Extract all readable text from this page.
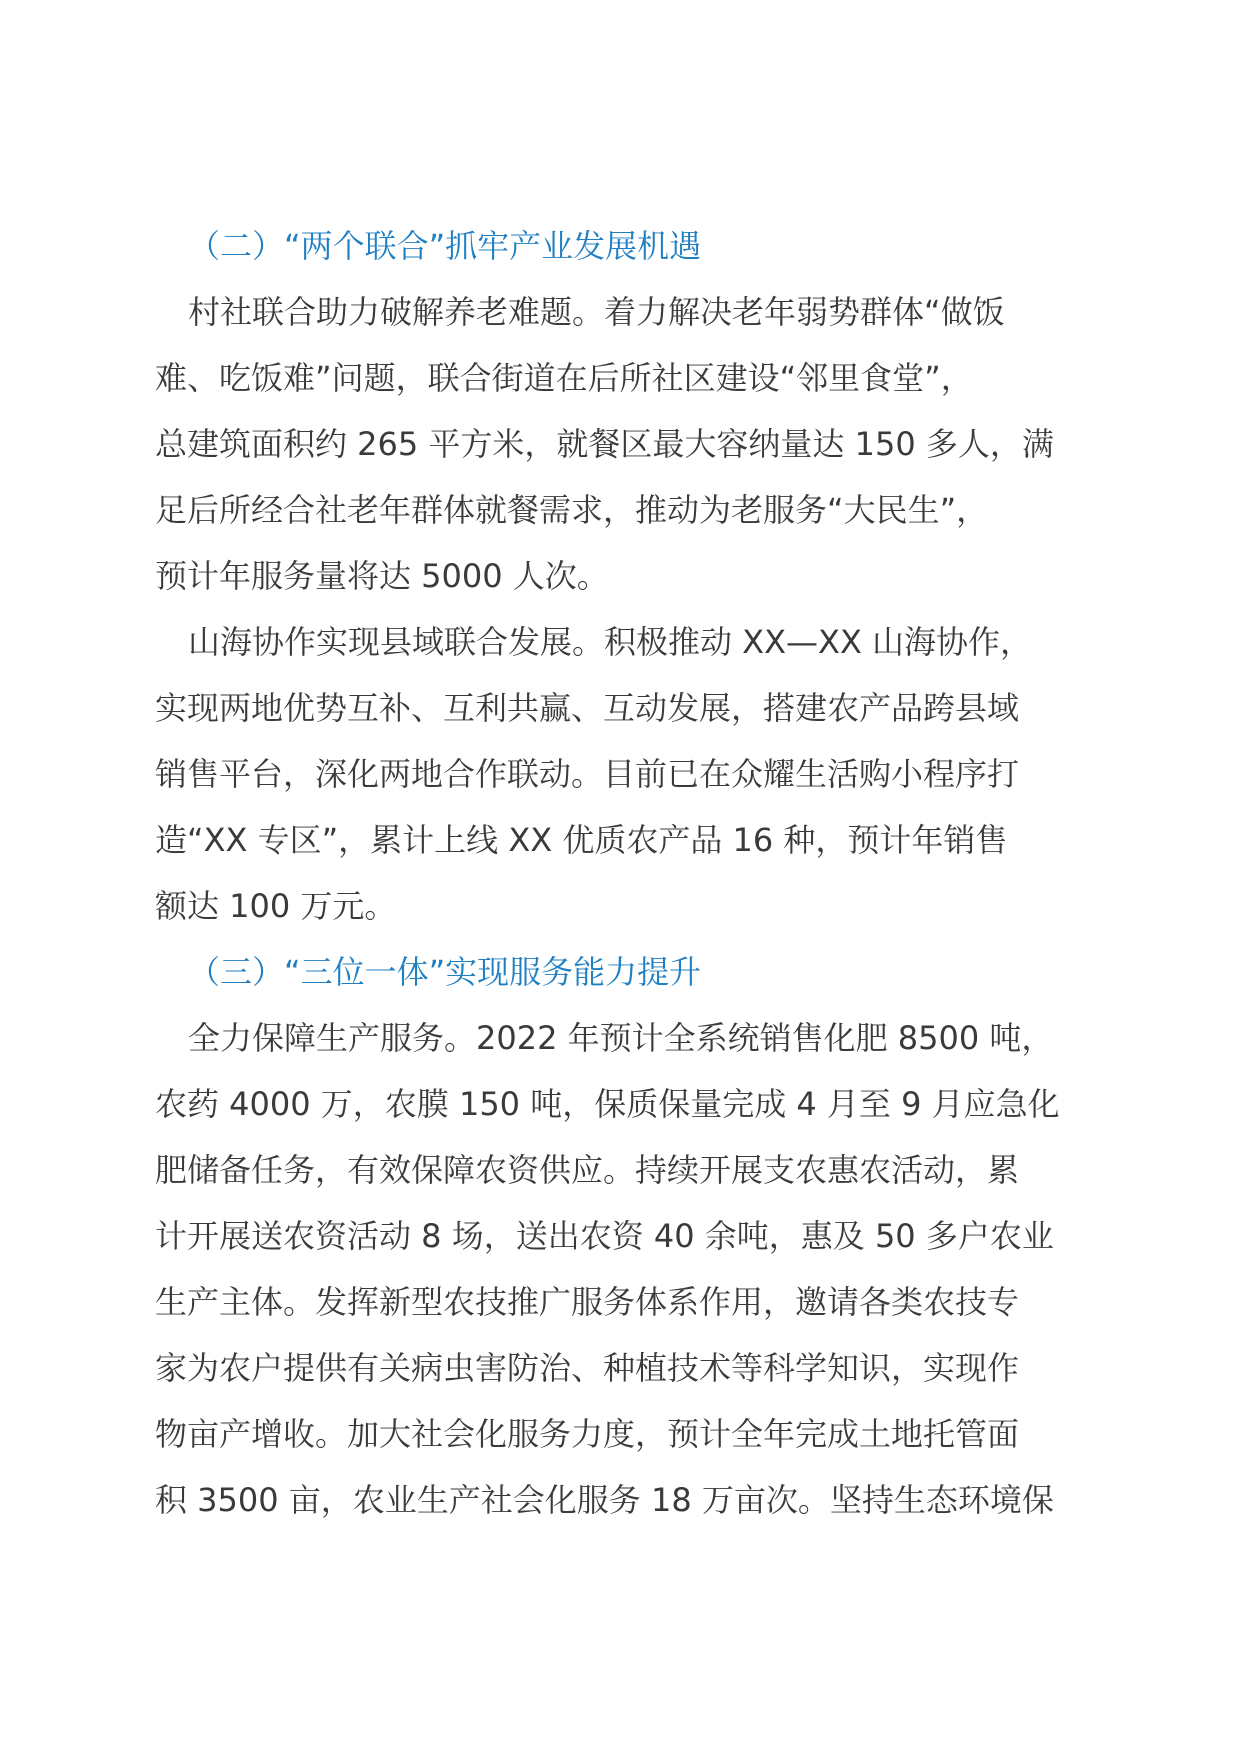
（二）“两个联合”抓牢产业发展机遇
村社联合助力破解养老难题。着力解决老年弱势群体“做饭
难、吃饭难”问题，联合街道在后所社区建设“邻里食堂”，
总建筑面积约 265 平方米，就餐区最大容纳量达 150 多人，满
足后所经合社老年群体就餐需求，推动为老服务“大民生”，
预计年服务量将达 5000 人次。
山海协作实现县域联合发展。积极推动 XX—XX 山海协作，
实现两地优势互补、互利共赢、互动发展，搭建农产品跨县域
销售平台，深化两地合作联动。目前已在众耀生活购小程序打
造“XX 专区”，累计上线 XX 优质农产品 16 种，预计年销售
额达 100 万元。
（三）“三位一体”实现服务能力提升
全力保障生产服务。2022 年预计全系统销售化肥 8500 吨，
农药 4000 万，农膜 150 吨，保质保量完成 4 月至 9 月应急化
肥储备任务，有效保障农资供应。持续开展支农惠农活动，累
计开展送农资活动 8 场，送出农资 40 余吨，惠及 50 多户农业
生产主体。发挥新型农技推广服务体系作用，邀请各类农技专
家为农户提供有关病虫害防治、种植技术等科学知识，实现作
物亩产增收。加大社会化服务力度，预计全年完成土地托管面
积 3500 亩，农业生产社会化服务 18 万亩次。坚持生态环境保
